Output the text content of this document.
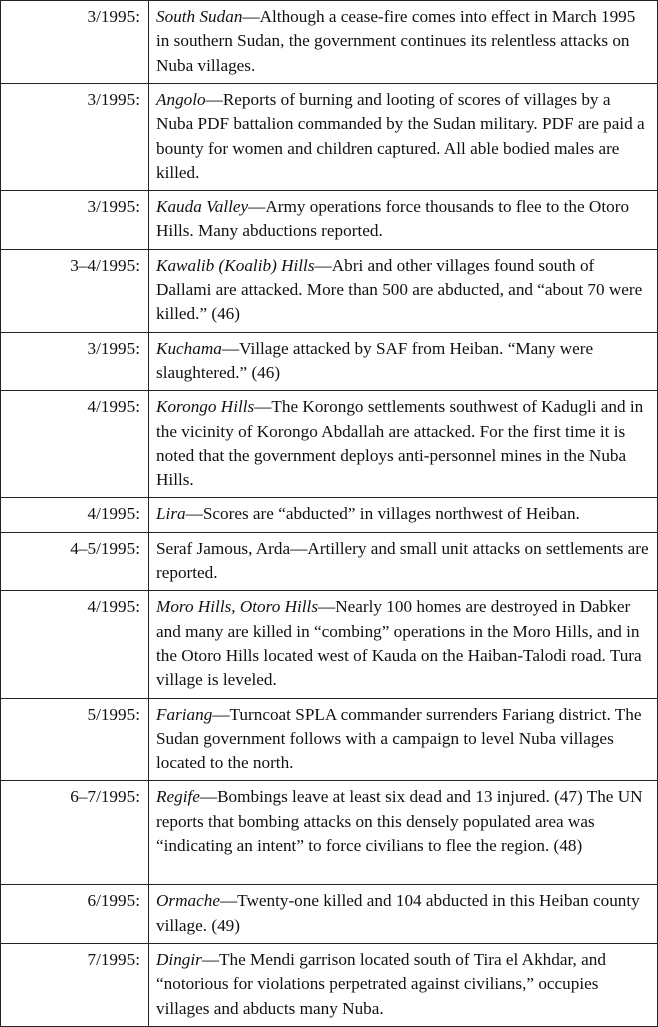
3/1995:	South Sudan—Although a cease-fire comes into effect in March 1995 in southern Sudan, the government continues its relentless attacks on Nuba villages.
3/1995:	Angolo—Reports of burning and looting of scores of villages by a Nuba PDF battalion commanded by the Sudan military. PDF are paid a bounty for women and children captured. All able bodied males are killed.
3/1995:	Kauda Valley—Army operations force thousands to flee to the Otoro Hills. Many abductions reported.
3–4/1995:	Kawalib (Koalib) Hills—Abri and other villages found south of Dallami are attacked. More than 500 are abducted, and “about 70 were killed.” (46)
3/1995:	Kuchama—Village attacked by SAF from Heiban. “Many were slaughtered.” (46)
4/1995:	Korongo Hills—The Korongo settlements southwest of Kadugli and in the vicinity of Korongo Abdallah are attacked. For the first time it is noted that the government deploys anti-personnel mines in the Nuba Hills.
4/1995:	Lira—Scores are “abducted” in villages northwest of Heiban.
4–5/1995:	Seraf Jamous, Arda—Artillery and small unit attacks on settlements are reported.
4/1995:	Moro Hills, Otoro Hills—Nearly 100 homes are destroyed in Dabker and many are killed in “combing” operations in the Moro Hills, and in the Otoro Hills located west of Kauda on the Haiban-Talodi road. Tura village is leveled.
5/1995:	Fariang—Turncoat SPLA commander surrenders Fariang district. The Sudan government follows with a campaign to level Nuba villages located to the north.
6–7/1995:	Regife—Bombings leave at least six dead and 13 injured. (47) The UN reports that bombing attacks on this densely populated area was “indicating an intent” to force civilians to flee the region. (48)
6/1995:	Ormache—Twenty-one killed and 104 abducted in this Heiban county village. (49)
7/1995:	Dingir—The Mendi garrison located south of Tira el Akhdar, and “notorious for violations perpetrated against civilians,” occupies villages and abducts many Nuba.
